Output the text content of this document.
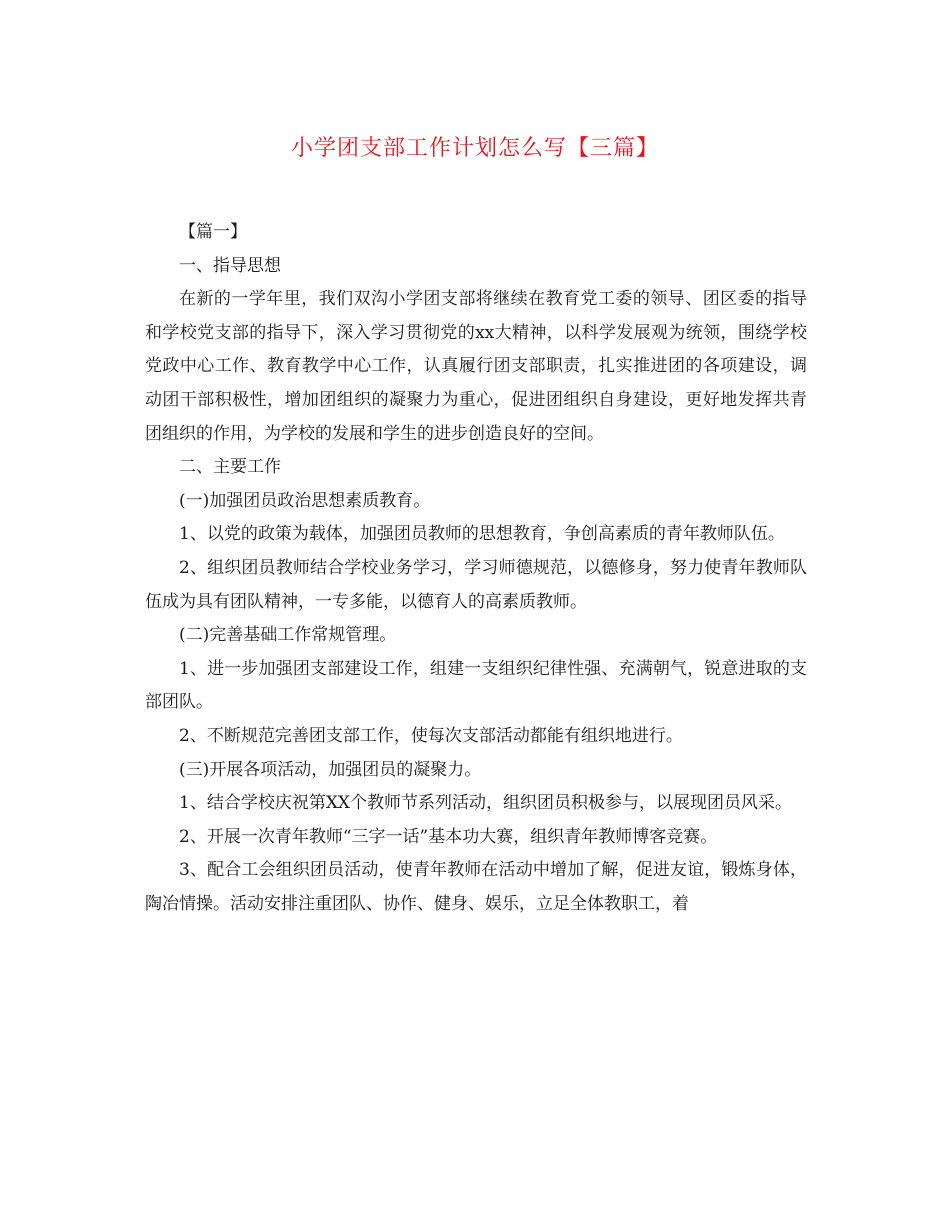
小学团支部工作计划怎么写【三篇】

【篇一】

一、指导思想

在新的一学年里，我们双沟小学团支部将继续在教育党工委的领导、团区委的指导和学校党支部的指导下，深入学习贯彻党的xx大精神，以科学发展观为统领，围绕学校党政中心工作、教育教学中心工作，认真履行团支部职责，扎实推进团的各项建设，调动团干部积极性，增加团组织的凝聚力为重心，促进团组织自身建设，更好地发挥共青团组织的作用，为学校的发展和学生的进步创造良好的空间。

二、主要工作

(一)加强团员政治思想素质教育。

1、以党的政策为载体，加强团员教师的思想教育，争创高素质的青年教师队伍。

2、组织团员教师结合学校业务学习，学习师德规范，以德修身，努力使青年教师队伍成为具有团队精神，一专多能，以德育人的高素质教师。

(二)完善基础工作常规管理。

1、进一步加强团支部建设工作，组建一支组织纪律性强、充满朝气，锐意进取的支部团队。

2、不断规范完善团支部工作，使每次支部活动都能有组织地进行。

(三)开展各项活动，加强团员的凝聚力。

1、结合学校庆祝第XX个教师节系列活动，组织团员积极参与，以展现团员风采。

2、开展一次青年教师“三字一话”基本功大赛，组织青年教师博客竞赛。

3、配合工会组织团员活动，使青年教师在活动中增加了解，促进友谊，锻炼身体，陶冶情操。活动安排注重团队、协作、健身、娱乐，立足全体教职工，着
